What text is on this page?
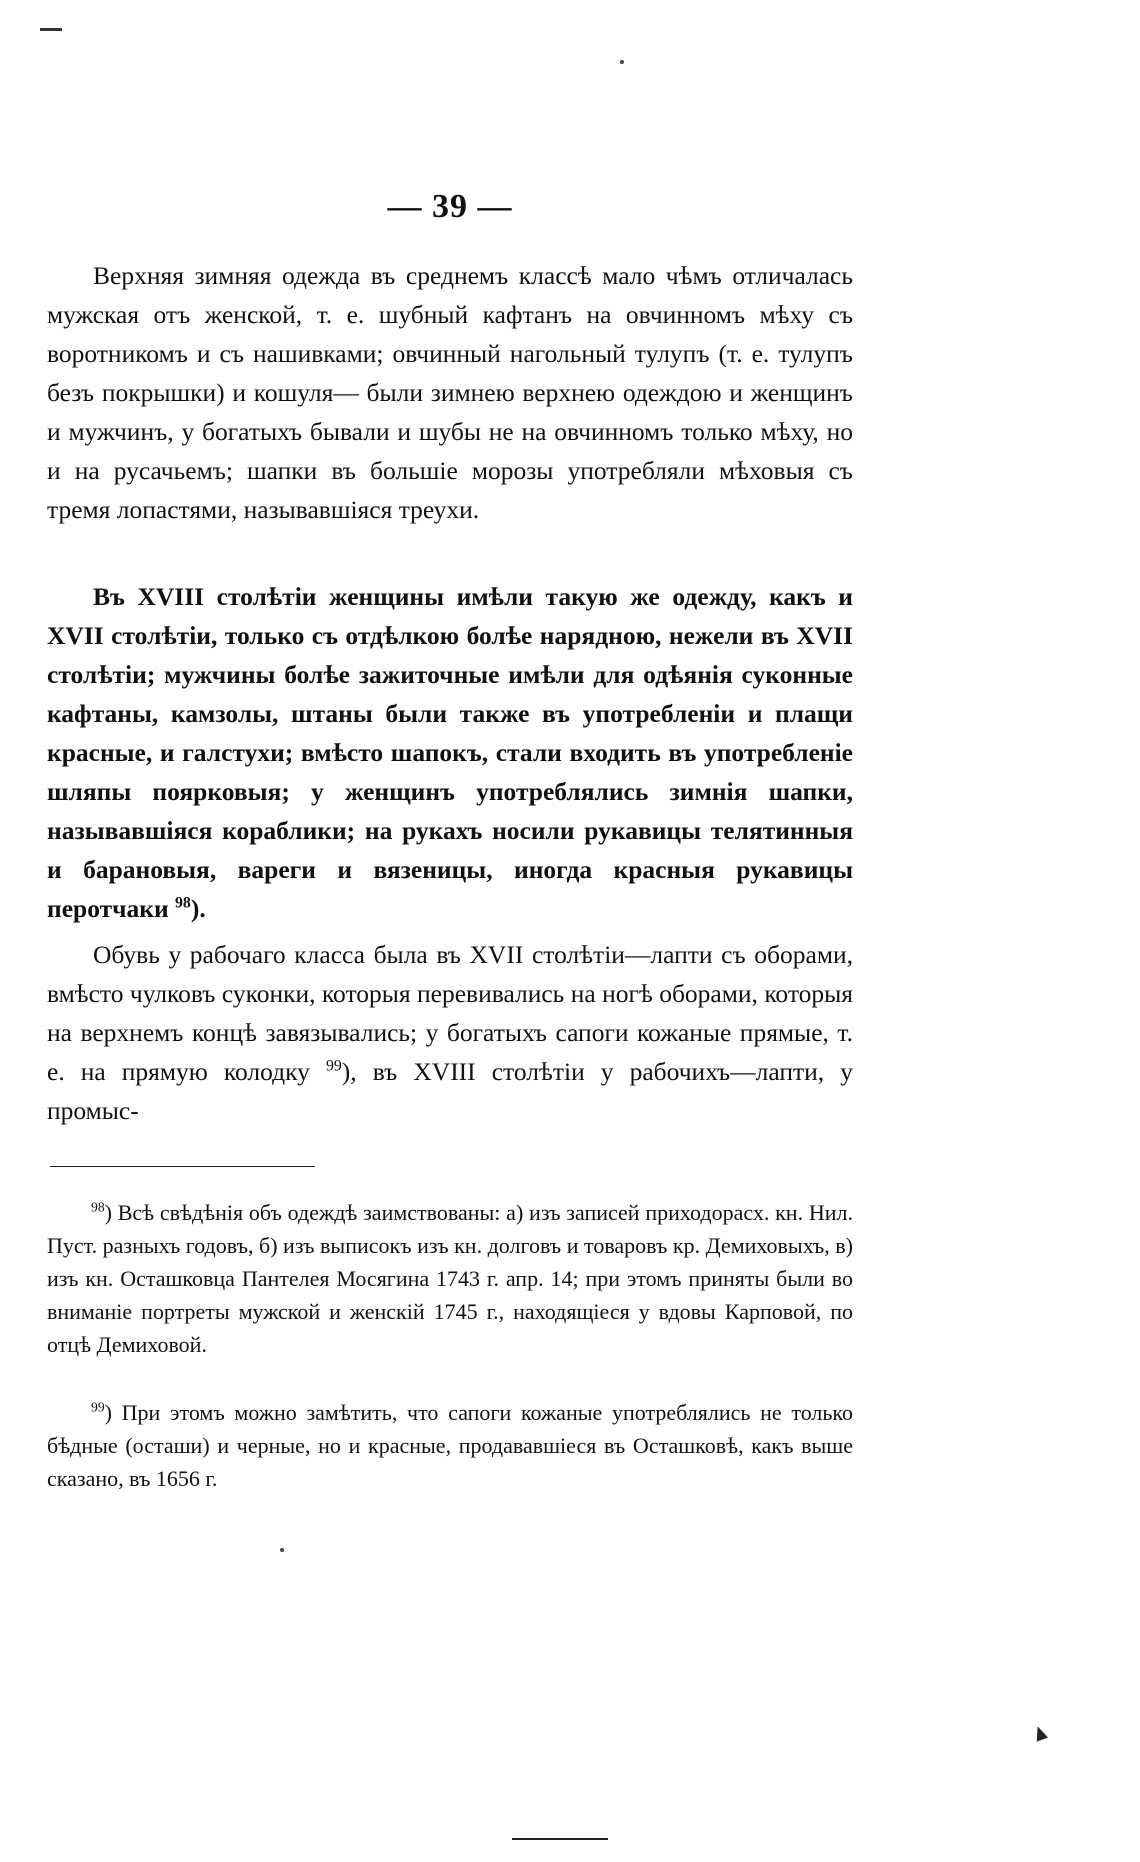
— 39 —

Верхняя зимняя одежда въ среднемъ классѣ мало чѣмъ отличалась мужская отъ женской, т. е. шубный кафтанъ на овчинномъ мѣху съ воротникомъ и съ нашивками; овчинный нагольный тулупъ (т. е. тулупъ безъ покрышки) и кошуля— были зимнею верхнею одеждою и женщинъ и мужчинъ, у богатыхъ бывали и шубы не на овчинномъ только мѣху, но и на русачьемъ; шапки въ большіе морозы употребляли мѣховыя съ тремя лопастями, называвшіяся треухи.

Въ XVIII столѣтіи женщины имѣли такую же одежду, какъ и XVII столѣтіи, только съ отдѣлкою болѣе нарядною, нежели въ XVII столѣтіи; мужчины болѣе зажиточные имѣли для одѣянія суконные кафтаны, камзолы, штаны были также въ употребленіи и плащи красные, и галстухи; вмѣсто шапокъ, стали входить въ употребленіе шляпы поярковыя; у женщинъ употреблялись зимнія шапки, называвшіяся кораблики; на рукахъ носили рукавицы телятинныя и барановыя, вареги и вязеницы, иногда красныя рукавицы перотчаки $^{98}$).

Обувь у рабочаго класса была въ XVII столѣтіи—лапти съ оборами, вмѣсто чулковъ суконки, которыя перевивались на ногѣ оборами, которыя на верхнемъ концѣ завязывались; у богатыхъ сапоги кожаные прямые, т. е. на прямую колодку $^{99}$), въ XVIII столѣтіи у рабочихъ—лапти, у промыс-

$^{98}$) Всѣ свѣдѣнія объ одеждѣ заимствованы: а) изъ записей приходорасх. кн. Нил. Пуст. разныхъ годовъ, б) изъ выписокъ изъ кн. долговъ и товаровъ кр. Демиховыхъ, в) изъ кн. Осташковца Пантелея Мосягина 1743 г. апр. 14; при этомъ приняты были во вниманіе портреты мужской и женскій 1745 г., находящіеся у вдовы Карповой, по отцѣ Демиховой.

$^{99}$) При этомъ можно замѣтить, что сапоги кожаные употреблялись не только бѣдные (осташи) и черные, но и красные, продававшіеся въ Осташковѣ, какъ выше сказано, въ 1656 г.
